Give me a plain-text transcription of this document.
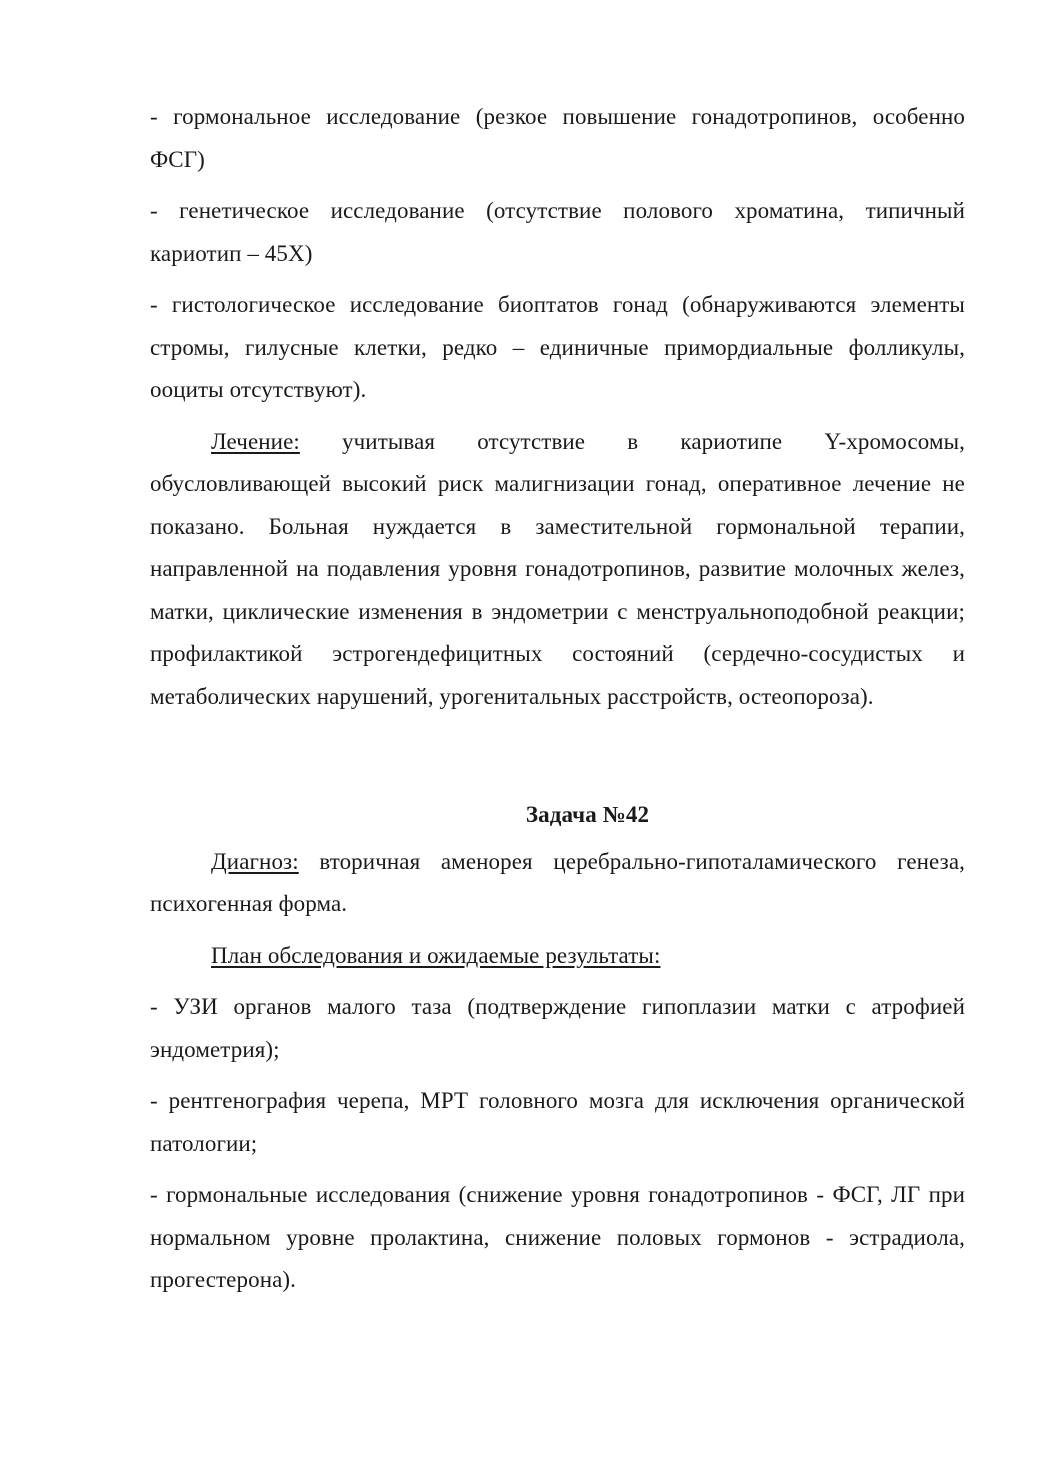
- гормональное исследование (резкое повышение гонадотропинов, особенно ФСГ)

- генетическое исследование (отсутствие полового хроматина, типичный кариотип – 45Х)

- гистологическое исследование биоптатов гонад (обнаруживаются элементы стромы, гилусные клетки, редко – единичные примордиальные фолликулы, ооциты отсутствуют).

Лечение: учитывая отсутствие в кариотипе Y-хромосомы, обусловливающей высокий риск малигнизации гонад, оперативное лечение не показано. Больная нуждается в заместительной гормональной терапии, направленной на подавления уровня гонадотропинов, развитие молочных желез, матки, циклические изменения в эндометрии с менструальноподобной реакции; профилактикой эстрогендефицитных состояний (сердечно-сосудистых и метаболических нарушений, урогенитальных расстройств, остеопороза).

Задача №42

Диагноз: вторичная аменорея церебрально-гипоталамического генеза, психогенная форма.

План обследования и ожидаемые результаты:

- УЗИ органов малого таза (подтверждение гипоплазии матки с атрофией эндометрия);

- рентгенография черепа, МРТ головного мозга для исключения органической патологии;

- гормональные исследования (снижение уровня гонадотропинов - ФСГ, ЛГ при нормальном уровне пролактина, снижение половых гормонов - эстрадиола, прогестерона).
